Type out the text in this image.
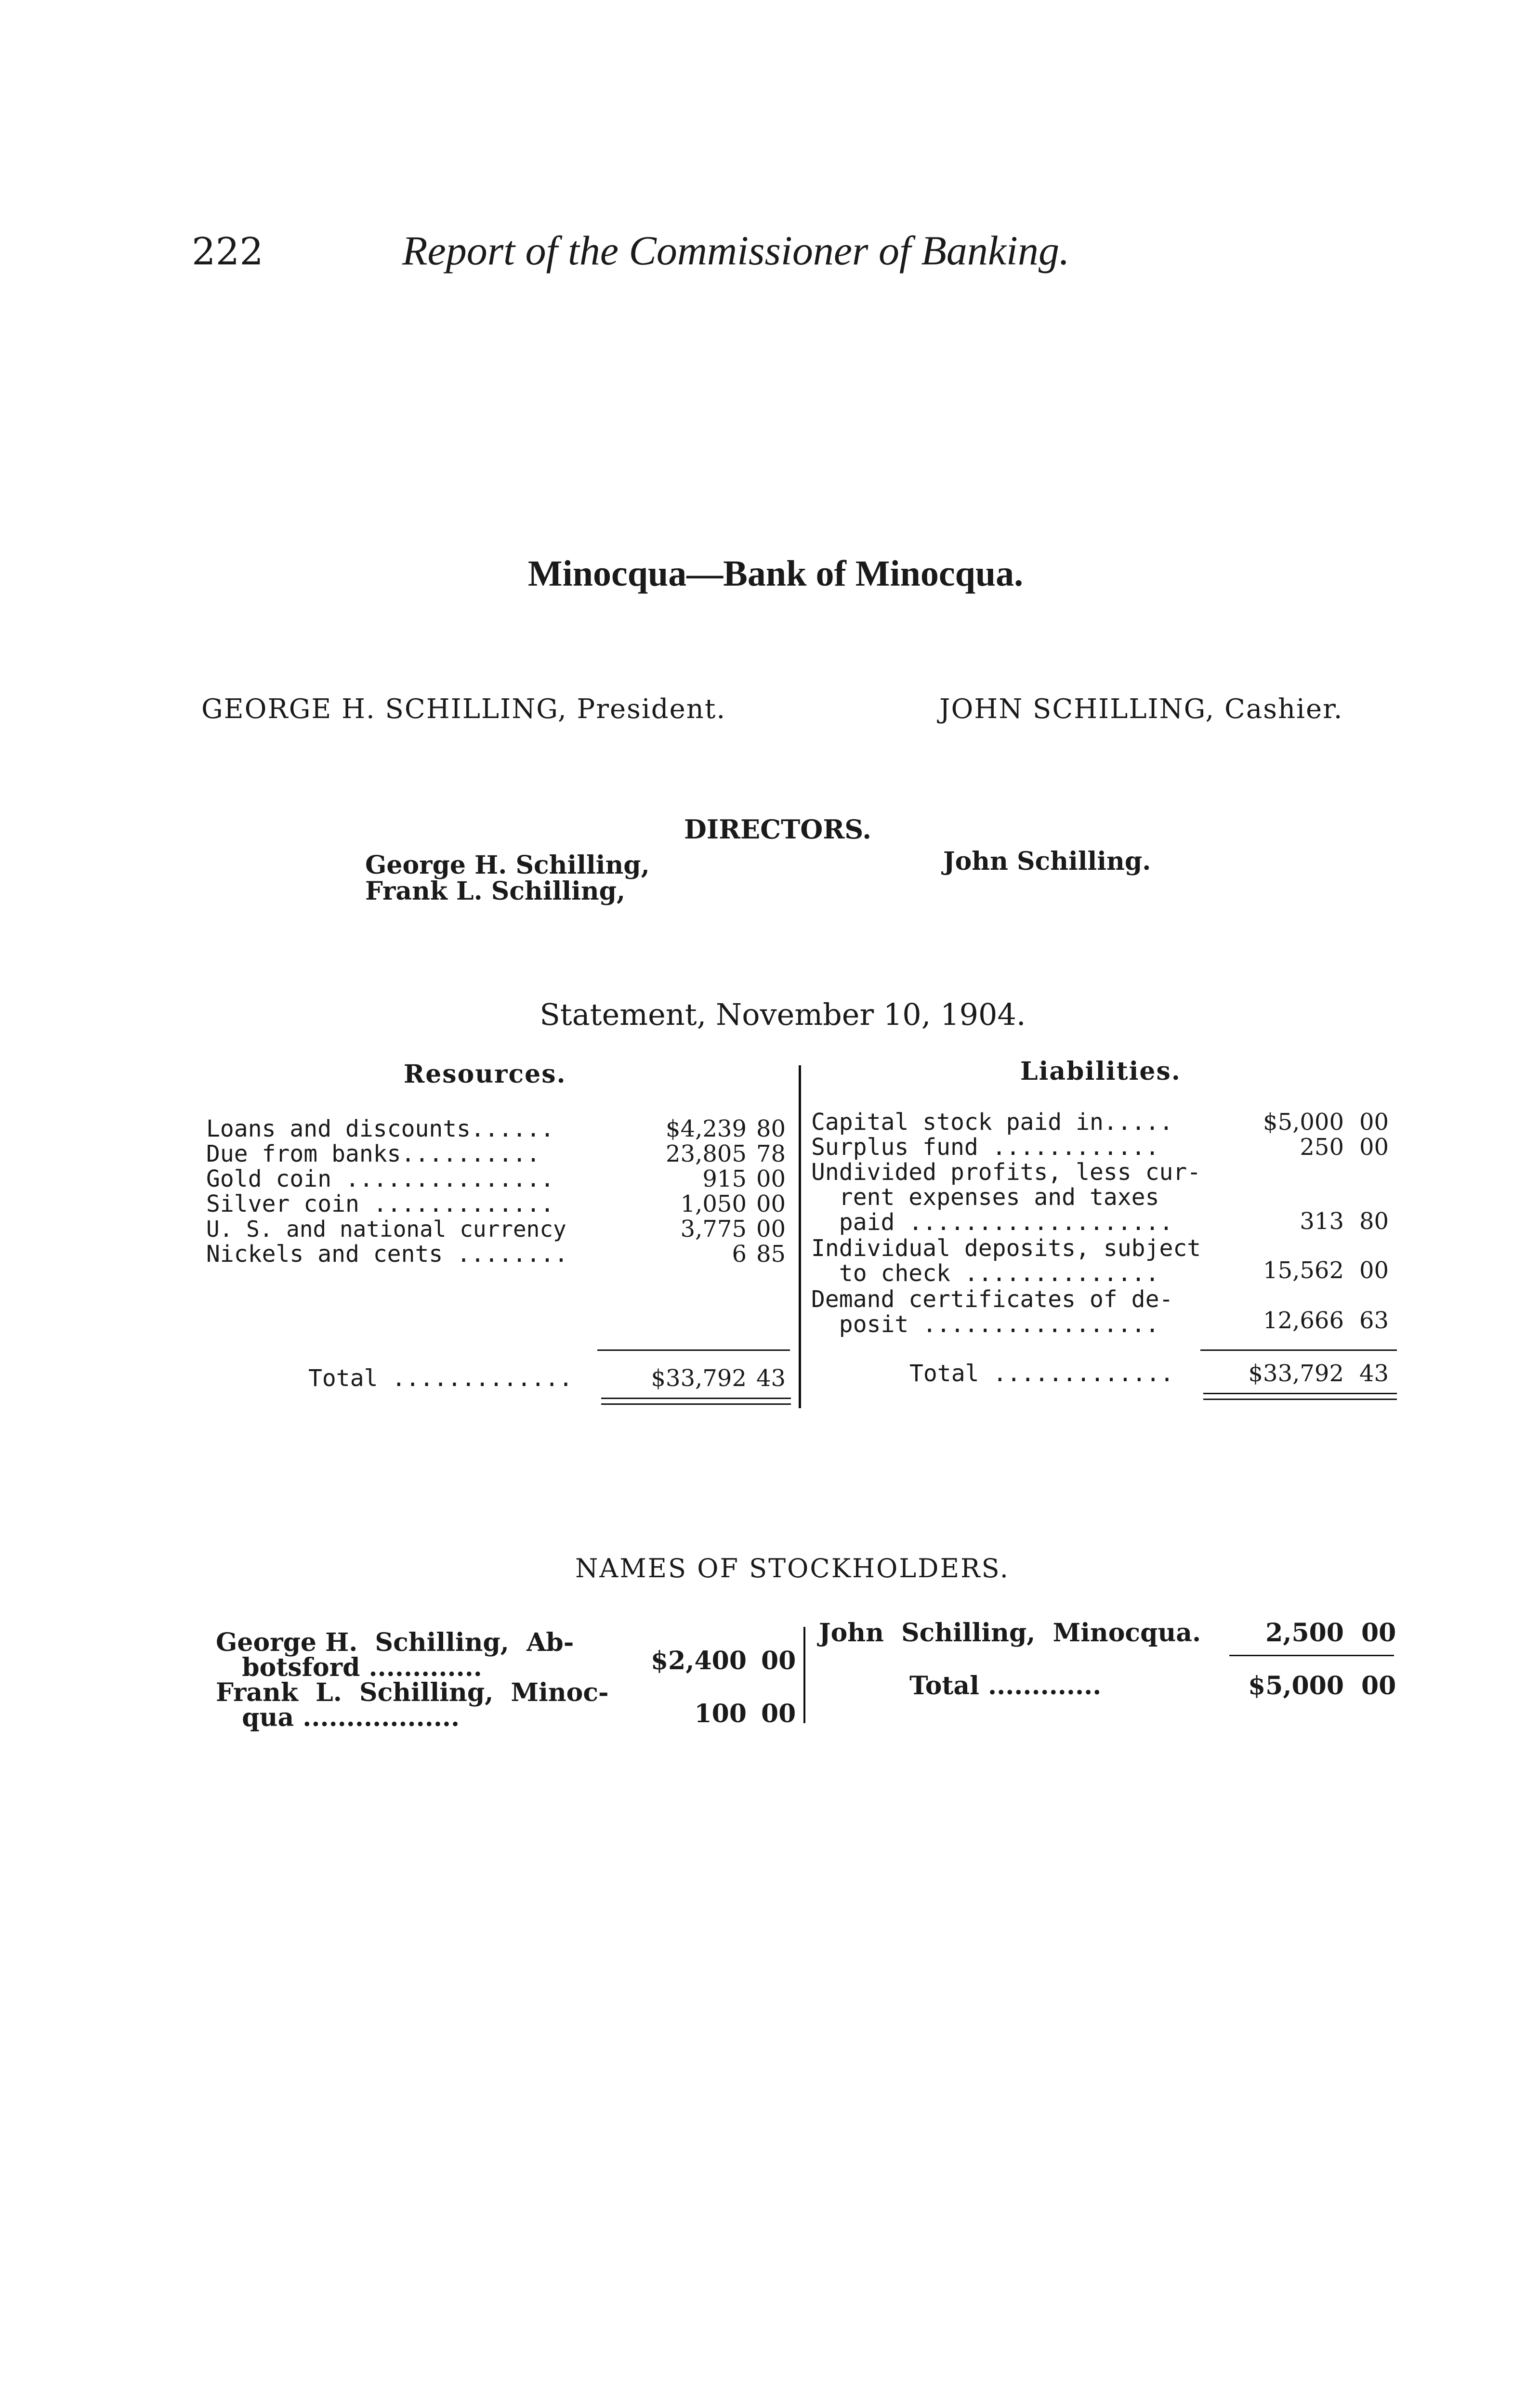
222	Report of the Commissioner of Banking.
Minocqua—Bank of Minocqua.
GEORGE H. SCHILLING, President.	JOHN SCHILLING, Cashier.
DIRECTORS.
George H. Schilling,
Frank L. Schilling,
John Schilling.
Statement, November 10, 1904.
Resources.	Liabilities.
Loans and discounts......	$4,239 80
Due from banks..........	23,805 78
Gold coin ...............	915 00
Silver coin .............	1,050 00
U. S. and national currency	3,775 00
Nickels and cents ........	6 85
Total .............	$33,792 43
Capital stock paid in.....	$5,000 00
Surplus fund ............	250 00
Undivided profits, less cur-
rent expenses and taxes
paid ...................	313 80
Individual deposits, subject
to check ..............	15,562 00
Demand certificates of de-
posit .................	12,666 63
Total .............	$33,792 43
NAMES OF STOCKHOLDERS.
George H.  Schilling,  Ab-
botsford .............	$2,400 00
Frank  L.  Schilling,  Minoc-
qua ..................	100 00
John  Schilling,  Minocqua.	2,500 00
Total .............	$5,000 00
